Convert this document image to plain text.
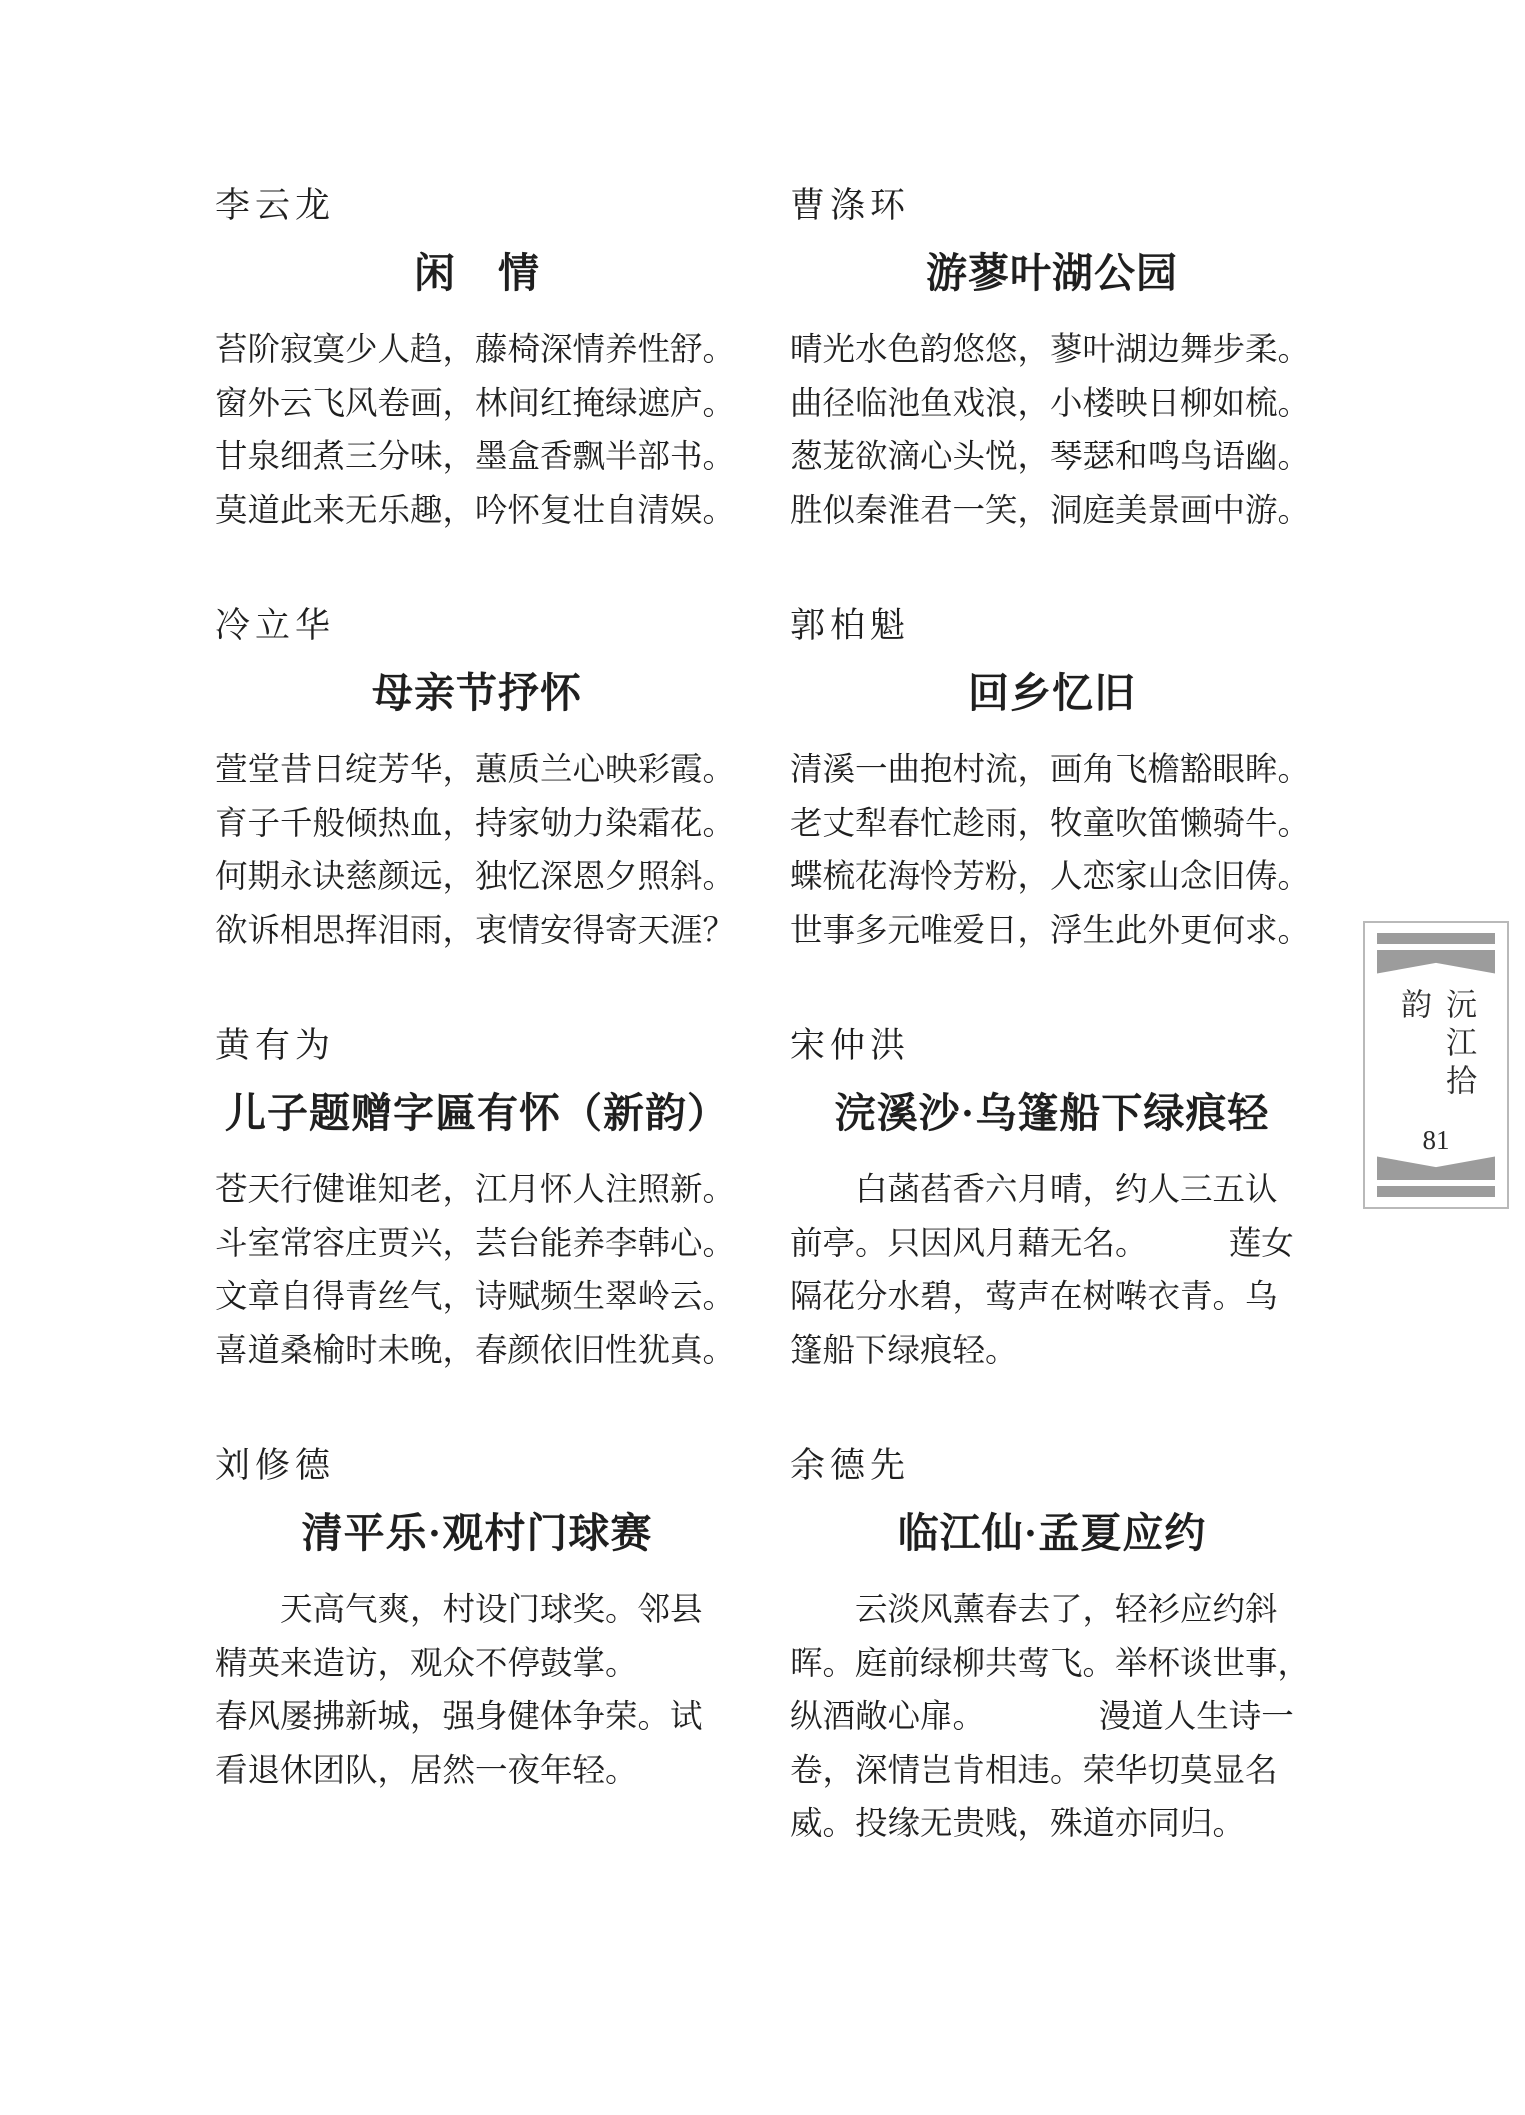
李云龙
闲　情
苔阶寂寞少人趋，藤椅深情养性舒。
窗外云飞风卷画，林间红掩绿遮庐。
甘泉细煮三分味，墨盒香飘半部书。
莫道此来无乐趣，吟怀复壮自清娱。
曹涤环
游蓼叶湖公园
晴光水色韵悠悠，蓼叶湖边舞步柔。
曲径临池鱼戏浪，小楼映日柳如梳。
葱茏欲滴心头悦，琴瑟和鸣鸟语幽。
胜似秦淮君一笑，洞庭美景画中游。
冷立华
母亲节抒怀
萱堂昔日绽芳华，蕙质兰心映彩霞。
育子千般倾热血，持家劬力染霜花。
何期永诀慈颜远，独忆深恩夕照斜。
欲诉相思挥泪雨，衷情安得寄天涯？
郭柏魁
回乡忆旧
清溪一曲抱村流，画角飞檐豁眼眸。
老丈犁春忙趁雨，牧童吹笛懒骑牛。
蝶梳花海怜芳粉，人恋家山念旧俦。
世事多元唯爱日，浮生此外更何求。
黄有为
儿子题赠字匾有怀（新韵）
苍天行健谁知老，江月怀人注照新。
斗室常容庄贾兴，芸台能养李韩心。
文章自得青丝气，诗赋频生翠岭云。
喜道桑榆时未晚，春颜依旧性犹真。
宋仲洪
浣溪沙·乌篷船下绿痕轻
　　白菡萏香六月晴，约人三五认
前亭。只因风月藉无名。　　　莲女
隔花分水碧，莺声在树啭衣青。乌
篷船下绿痕轻。
刘修德
清平乐·观村门球赛
　　天高气爽，村设门球奖。邻县
精英来造访，观众不停鼓掌。
春风屡拂新城，强身健体争荣。试
看退休团队，居然一夜年轻。
余德先
临江仙·孟夏应约
　　云淡风薰春去了，轻衫应约斜
晖。庭前绿柳共莺飞。举杯谈世事，
纵酒敞心扉。　　　　漫道人生诗一
卷，深情岂肯相违。荣华切莫显名
威。投缘无贵贱，殊道亦同归。
沅江拾韵
81
